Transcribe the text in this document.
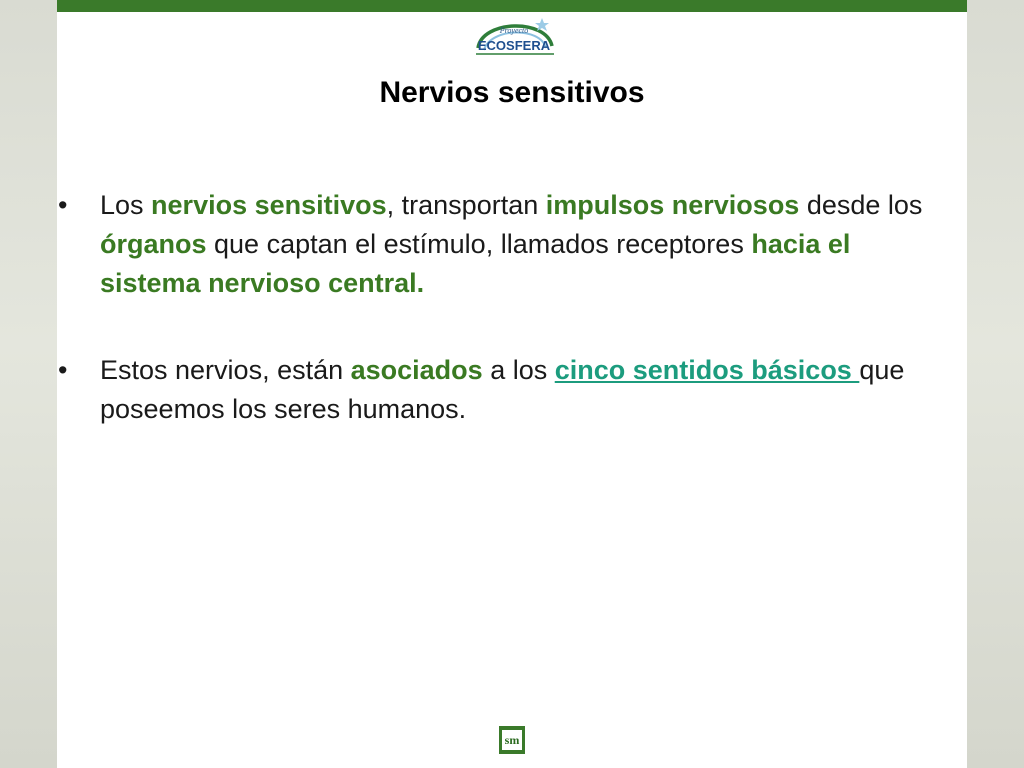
Proyecto
ECOSFERA
Nervios sensitivos
• Los nervios sensitivos, transportan impulsos nerviosos desde los órganos que captan el estímulo, llamados receptores hacia el sistema nervioso central.
• Estos nervios, están asociados a los cinco sentidos básicos que poseemos los seres humanos.
sm
